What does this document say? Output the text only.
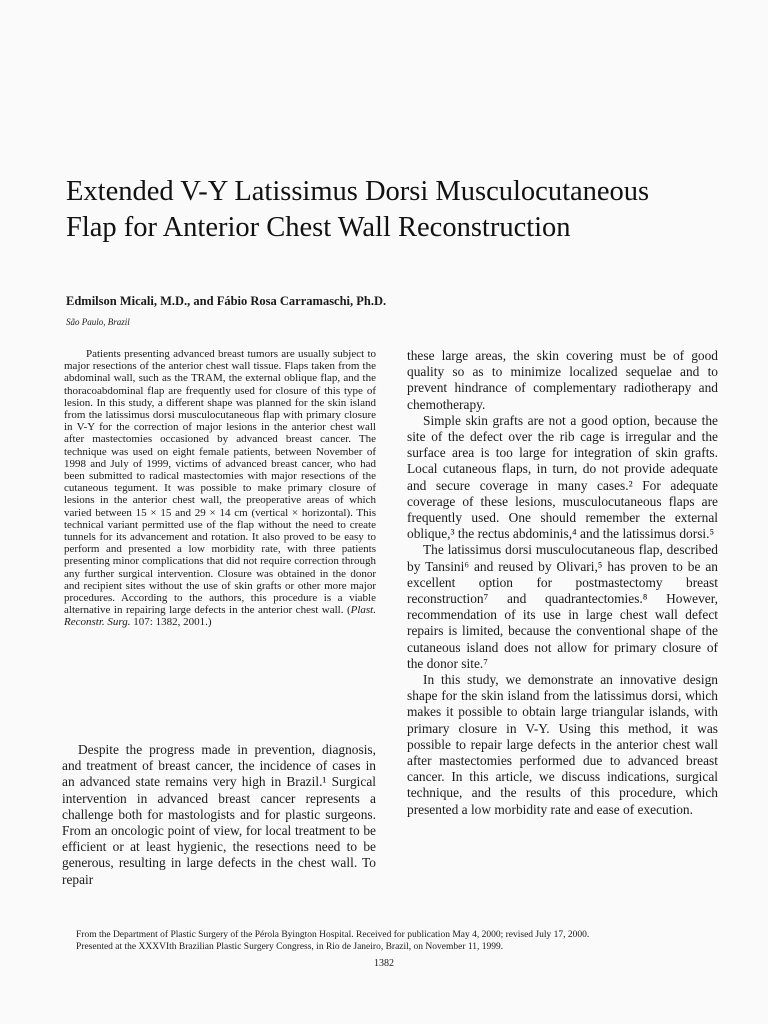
Extended V-Y Latissimus Dorsi Musculocutaneous Flap for Anterior Chest Wall Reconstruction

Edmilson Micali, M.D., and Fábio Rosa Carramaschi, Ph.D.

São Paulo, Brazil

Patients presenting advanced breast tumors are usually subject to major resections of the anterior chest wall tissue. Flaps taken from the abdominal wall, such as the TRAM, the external oblique flap, and the thoracoabdominal flap are frequently used for closure of this type of lesion. In this study, a different shape was planned for the skin island from the latissimus dorsi musculocutaneous flap with primary closure in V-Y for the correction of major lesions in the anterior chest wall after mastectomies occasioned by advanced breast cancer. The technique was used on eight female patients, between November of 1998 and July of 1999, victims of advanced breast cancer, who had been submitted to radical mastectomies with major resections of the cutaneous tegument. It was possible to make primary closure of lesions in the anterior chest wall, the preoperative areas of which varied between 15 × 15 and 29 × 14 cm (vertical × horizontal). This technical variant permitted use of the flap without the need to create tunnels for its advancement and rotation. It also proved to be easy to perform and presented a low morbidity rate, with three patients presenting minor complications that did not require correction through any further surgical intervention. Closure was obtained in the donor and recipient sites without the use of skin grafts or other more major procedures. According to the authors, this procedure is a viable alternative in repairing large defects in the anterior chest wall. (Plast. Reconstr. Surg. 107: 1382, 2001.)

Despite the progress made in prevention, diagnosis, and treatment of breast cancer, the incidence of cases in an advanced state remains very high in Brazil.¹ Surgical intervention in advanced breast cancer represents a challenge both for mastologists and for plastic surgeons. From an oncologic point of view, for local treatment to be efficient or at least hygienic, the resections need to be generous, resulting in large defects in the chest wall. To repair

these large areas, the skin covering must be of good quality so as to minimize localized sequelae and to prevent hindrance of complementary radiotherapy and chemotherapy.

Simple skin grafts are not a good option, because the site of the defect over the rib cage is irregular and the surface area is too large for integration of skin grafts. Local cutaneous flaps, in turn, do not provide adequate and secure coverage in many cases.² For adequate coverage of these lesions, musculocutaneous flaps are frequently used. One should remember the external oblique,³ the rectus abdominis,⁴ and the latissimus dorsi.⁵

The latissimus dorsi musculocutaneous flap, described by Tansini⁶ and reused by Olivari,⁵ has proven to be an excellent option for postmastectomy breast reconstruction⁷ and quadrantectomies.⁸ However, recommendation of its use in large chest wall defect repairs is limited, because the conventional shape of the cutaneous island does not allow for primary closure of the donor site.⁷

In this study, we demonstrate an innovative design shape for the skin island from the latissimus dorsi, which makes it possible to obtain large triangular islands, with primary closure in V-Y. Using this method, it was possible to repair large defects in the anterior chest wall after mastectomies performed due to advanced breast cancer. In this article, we discuss indications, surgical technique, and the results of this procedure, which presented a low morbidity rate and ease of execution.

From the Department of Plastic Surgery of the Pérola Byington Hospital. Received for publication May 4, 2000; revised July 17, 2000.
Presented at the XXXVIth Brazilian Plastic Surgery Congress, in Rio de Janeiro, Brazil, on November 11, 1999.

1382
